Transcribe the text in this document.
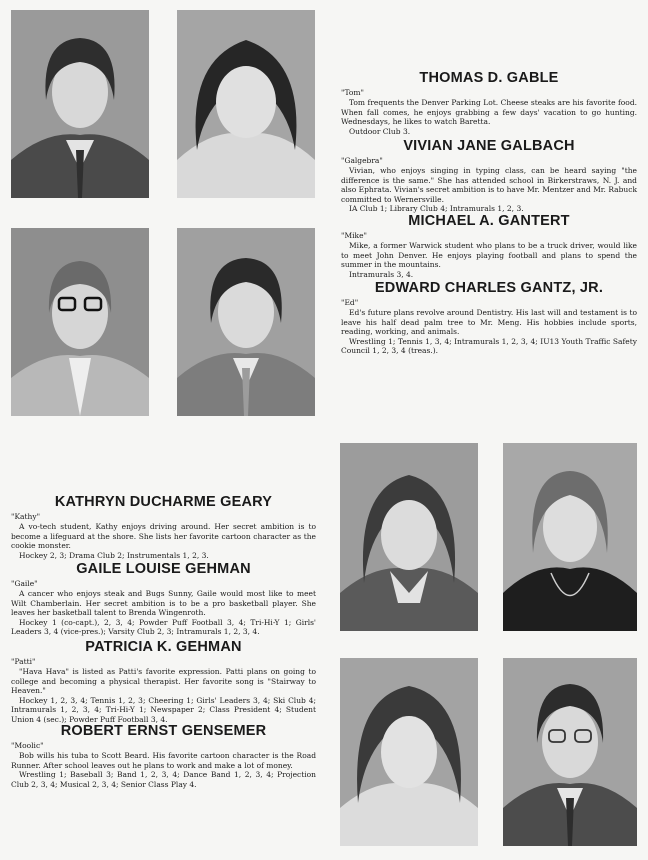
THOMAS D. GABLE
"Tom"

Tom frequents the Denver Parking Lot. Cheese steaks are his favorite food. When fall comes, he enjoys grabbing a few days' vacation to go hunting. Wednesdays, he likes to watch Baretta.

Outdoor Club 3.

VIVIAN JANE GALBACH
"Galgebra"

Vivian, who enjoys singing in typing class, can be heard saying "the difference is the same." She has attended school in Birkerstraws, N. J. and also Ephrata. Vivian's secret ambition is to have Mr. Mentzer and Mr. Rabuck committed to Wernersville.

IA Club 1; Library Club 4; Intramurals 1, 2, 3.

MICHAEL A. GANTERT
"Mike"

Mike, a former Warwick student who plans to be a truck driver, would like to meet John Denver. He enjoys playing football and plans to spend the summer in the mountains.

Intramurals 3, 4.

EDWARD CHARLES GANTZ, JR.
"Ed"

Ed's future plans revolve around Dentistry. His last will and testament is to leave his half dead palm tree to Mr. Meng. His hobbies include sports, reading, working, and animals.

Wrestling 1; Tennis 1, 3, 4; Intramurals 1, 2, 3, 4; IU13 Youth Traffic Safety Council 1, 2, 3, 4 (treas.).

KATHRYN DUCHARME GEARY
"Kathy"

A vo-tech student, Kathy enjoys driving around. Her secret ambition is to become a lifeguard at the shore. She lists her favorite cartoon character as the cookie monster.

Hockey 2, 3; Drama Club 2; Instrumentals 1, 2, 3.

GAILE LOUISE GEHMAN
"Gaile"

A cancer who enjoys steak and Bugs Sunny, Gaile would most like to meet Wilt Chamberlain. Her secret ambition is to be a pro basketball player. She leaves her basketball talent to Brenda Wingenroth.

Hockey 1 (co-capt.), 2, 3, 4; Powder Puff Football 3, 4; Tri-Hi-Y 1; Girls' Leaders 3, 4 (vice-pres.); Varsity Club 2, 3; Intramurals 1, 2, 3, 4.

PATRICIA K. GEHMAN
"Patti"

"Hava Hava" is listed as Patti's favorite expression. Patti plans on going to college and becoming a physical therapist. Her favorite song is "Stairway to Heaven."

Hockey 1, 2, 3, 4; Tennis 1, 2, 3; Cheering 1; Girls' Leaders 3, 4; Ski Club 4; Intramurals 1, 2, 3, 4; Tri-Hi-Y 1; Newspaper 2; Class President 4; Student Union 4 (sec.); Powder Puff Football 3, 4.

ROBERT ERNST GENSEMER
"Moolic"

Bob wills his tuba to Scott Beard. His favorite cartoon character is the Road Runner. After school leaves out he plans to work and make a lot of money.

Wrestling 1; Baseball 3; Band 1, 2, 3, 4; Dance Band 1, 2, 3, 4; Projection Club 2, 3, 4; Musical 2, 3, 4; Senior Class Play 4.
